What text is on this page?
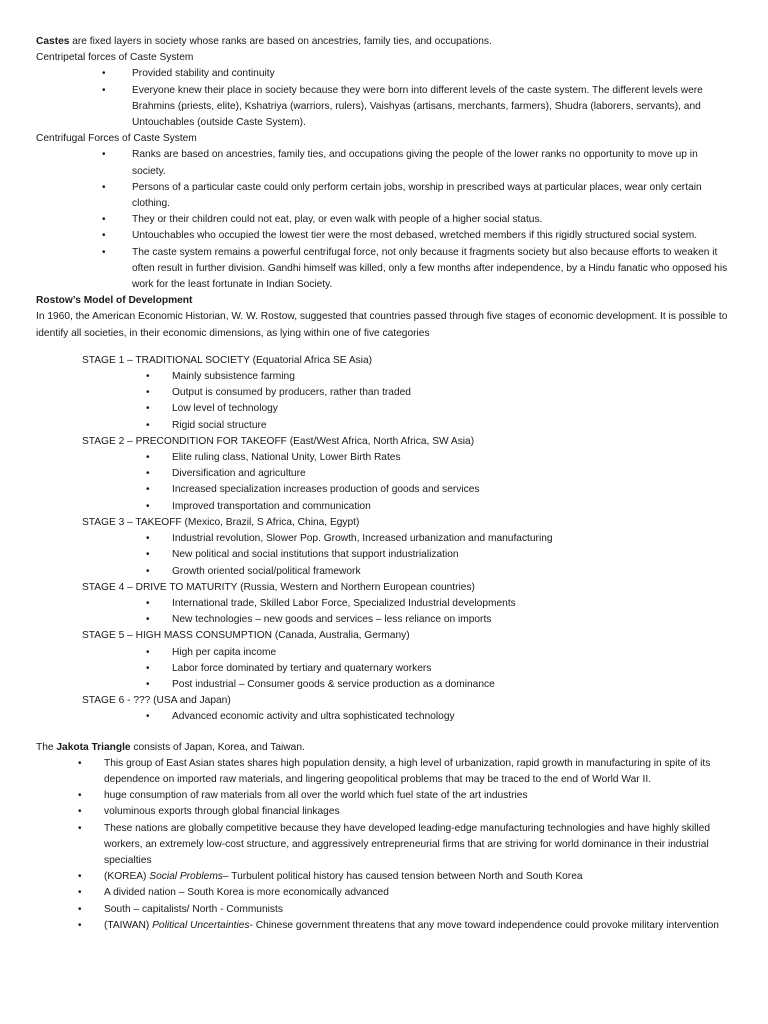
Castes are fixed layers in society whose ranks are based on ancestries, family ties, and occupations.

Centripetal forces of Caste System

•	Provided stability and continuity
•	Everyone knew their place in society because they were born into different levels of the caste system. The different levels were Brahmins (priests, elite), Kshatriya (warriors, rulers), Vaishyas (artisans, merchants, farmers), Shudra (laborers, servants), and Untouchables (outside Caste System).

Centrifugal Forces of Caste System

•	Ranks are based on ancestries, family ties, and occupations giving the people of the lower ranks no opportunity to move up in society.
•	Persons of a particular caste could only perform certain jobs, worship in prescribed ways at particular places, wear only certain clothing.
•	They or their children could not eat, play, or even walk with people of a higher social status.
•	Untouchables who occupied the lowest tier were the most debased, wretched members if this rigidly structured social system.
•	The caste system remains a powerful centrifugal force, not only because it fragments society but also because efforts to weaken it often result in further division. Gandhi himself was killed, only a few months after independence, by a Hindu fanatic who opposed his work for the least fortunate in Indian Society.

Rostow’s Model of Development

In 1960, the American Economic Historian, W. W. Rostow, suggested that countries passed through five stages of economic development. It is possible to identify all societies, in their economic dimensions, as lying within one of five categories

STAGE 1 – TRADITIONAL SOCIETY (Equatorial Africa SE Asia)

• Mainly subsistence farming
• Output is consumed by producers, rather than traded
• Low level of technology
• Rigid social structure

STAGE 2 – PRECONDITION FOR TAKEOFF (East/West Africa, North Africa, SW Asia)

• Elite ruling class, National Unity, Lower Birth Rates
• Diversification and agriculture
• Increased specialization increases production of goods and services
• Improved transportation and communication

STAGE 3 – TAKEOFF (Mexico, Brazil, S Africa, China, Egypt)

• Industrial revolution, Slower Pop. Growth, Increased urbanization and manufacturing
• New political and social institutions that support industrialization
• Growth oriented social/political framework

STAGE 4 – DRIVE TO MATURITY (Russia, Western and Northern European countries)

• International trade, Skilled Labor Force, Specialized Industrial developments
• New technologies – new goods and services – less reliance on imports

STAGE 5 – HIGH MASS CONSUMPTION (Canada, Australia, Germany)

• High per capita income
• Labor force dominated by tertiary and quaternary workers
• Post industrial – Consumer goods & service production as a dominance

STAGE 6 - ??? (USA and Japan)

• Advanced economic activity and ultra sophisticated technology

The Jakota Triangle consists of Japan, Korea, and Taiwan.

• This group of East Asian states shares high population density, a high level of urbanization, rapid growth in manufacturing in spite of its dependence on imported raw materials, and lingering geopolitical problems that may be traced to the end of World War II.
• huge consumption of raw materials from all over the world which fuel state of the art industries
• voluminous exports through global financial linkages
• These nations are globally competitive because they have developed leading-edge manufacturing technologies and have highly skilled workers, an extremely low-cost structure, and aggressively entrepreneurial firms that are striving for world dominance in their industrial specialties
• (KOREA) Social Problems– Turbulent political history has caused tension between North and South Korea
• A divided nation – South Korea is more economically advanced
• South – capitalists/ North - Communists
• (TAIWAN) Political Uncertainties- Chinese government threatens that any move toward independence could provoke military intervention
